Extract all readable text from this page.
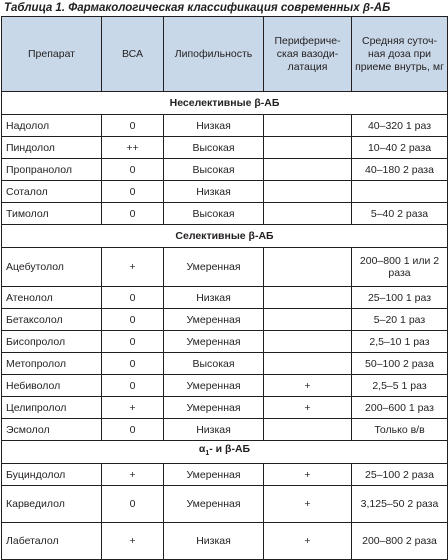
Таблица 1. Фармакологическая классификация современных β-АБ
Препарат	ВСА	Липофильность	Перифериче-ская вазоди-латация	Средняя суточ-ная доза при приеме внутрь, мг
Неселективные β-АБ				
Надолол	0	Низкая		40–320 1 раз
Пиндолол	++	Высокая		10–40 2 раза
Пропранолол	0	Высокая		40–180 2 раза
Соталол	0	Низкая		
Тимолол	0	Высокая		5–40 2 раза
Селективные β-АБ				
Ацебутолол	+	Умеренная		200–800 1 или 2 раза
Атенолол	0	Низкая		25–100 1 раз
Бетаксолол	0	Умеренная		5–20 1 раз
Бисопролол	0	Умеренная		2,5–10 1 раз
Метопролол	0	Высокая		50–100 2 раза
Небиволол	0	Умеренная	+	2,5–5 1 раз
Целипролол	+	Умеренная	+	200–600 1 раз
Эсмолол	0	Низкая		Только в/в
$\alpha_1-$ и β-АБ				
Буциндолол	+	Умеренная	+	25–100 2 раза
Карведилол	0	Умеренная	+	3,125–50 2 раза
Лабеталол	+	Низкая	+	200–800 2 раза
